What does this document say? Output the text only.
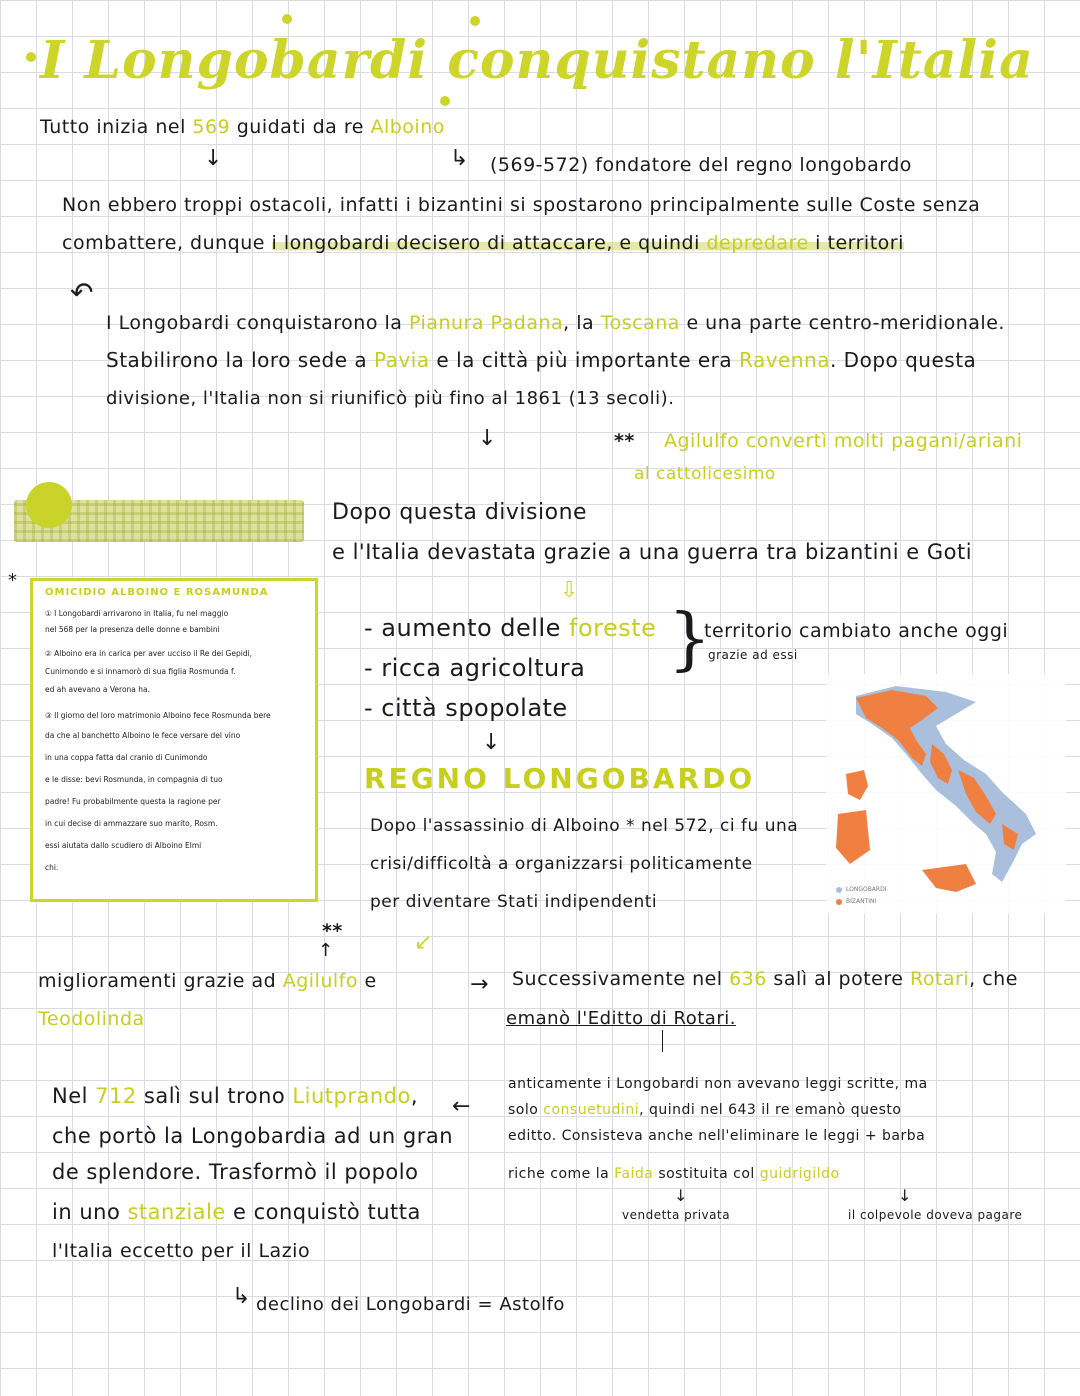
I Longobardi conquistano l'Italia
Tutto inizia nel 569 guidati da re Alboino
↓	↳ (569-572) fondatore del regno longobardo
Non ebbero troppi ostacoli, infatti i bizantini si spostarono principalmente sulle Coste senza
combattere, dunque i longobardi decisero di attaccare, e quindi depredare i territori
↶
I Longobardi conquistarono la Pianura Padana, la Toscana e una parte centro-meridionale.
Stabilirono la loro sede a Pavia e la città più importante era Ravenna. Dopo questa
divisione, l'Italia non si riunificò più fino al 1861 (13 secoli).
↓	** Agilulfo convertì molti pagani/ariani
al cattolicesimo
Dopo questa divisione
e l'Italia devastata grazie a una guerra tra bizantini e Goti
⇩
- aumento delle foreste
- ricca agricoltura
- città spopolate
}
territorio cambiato anche oggi
grazie ad essi
↓
*
OMICIDIO ALBOINO E ROSAMUNDA
① I Longobardi arrivarono in Italia, fu nel maggio
nel 568 per la presenza delle donne e bambini
② Alboino era in carica per aver ucciso il Re dei Gepidi,
Cunimondo e si innamorò di sua figlia Rosmunda f.
ed ah avevano a Verona ha.
③ Il giorno del loro matrimonio Alboino fece Rosmunda bere
da che al banchetto Alboino le fece versare del vino
in una coppa fatta dal cranio di Cunimondo
e le disse: bevi Rosmunda, in compagnia di tuo
padre! Fu probabilmente questa la ragione per
in cui decise di ammazzare suo marito, Rosm.
essi aiutata dallo scudiero di Alboino Elmi
chi.
REGNO LONGOBARDO
Dopo l'assassinio di Alboino * nel 572, ci fu una
crisi/difficoltà a organizzarsi politicamente
per diventare Stati indipendenti
LONGOBARDI
BIZANTINI
**
↑	↙
miglioramenti grazie ad Agilulfo e
Teodolinda
→ Successivamente nel 636 salì al potere Rotari, che
emanò l'Editto di Rotari.
anticamente i Longobardi non avevano leggi scritte, ma
solo consuetudini, quindi nel 643 il re emanò questo
editto. Consisteva anche nell'eliminare le leggi + barba
riche come la Faida sostituita col guidrigildo
↓	↓
vendetta privata	il colpevole doveva pagare
←
Nel 712 salì sul trono Liutprando,
che portò la Longobardia ad un gran
de splendore. Trasformò il popolo
in uno stanziale e conquistò tutta
l'Italia eccetto per il Lazio
↳ declino dei Longobardi = Astolfo
